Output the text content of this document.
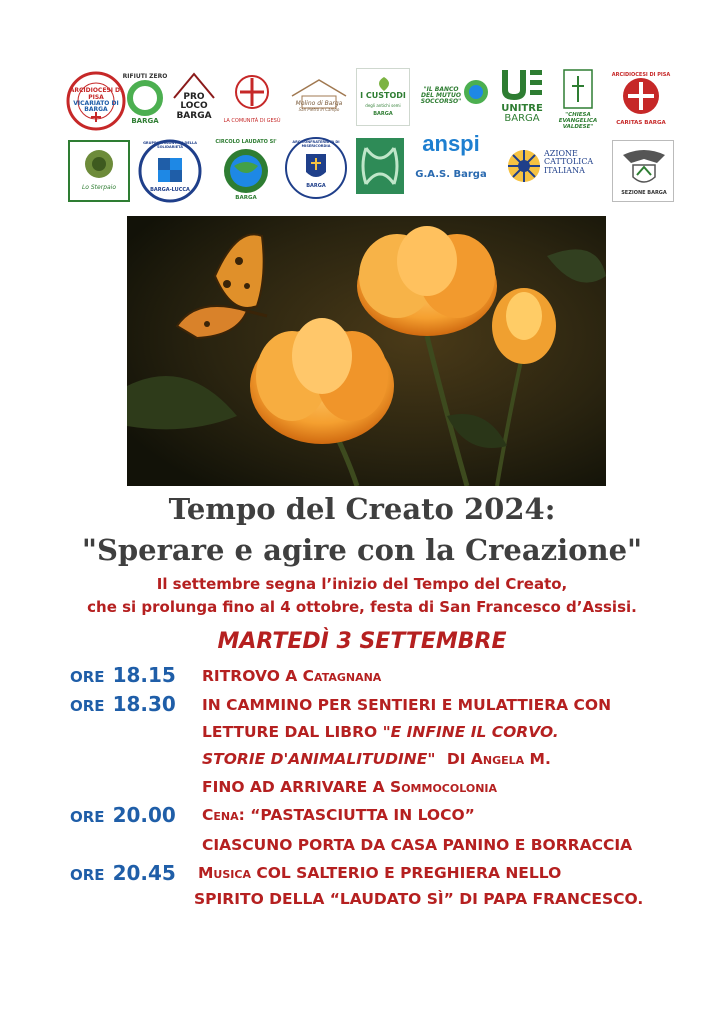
ARCIDIOCESI DI PISA
VICARIATO DI BARGA
RIFIUTI ZERO
BARGA
PRO
LOCO
BARGA
LA COMUNITÀ DI GESÙ
Molino di Barga
San Pietro in Campo
I CUSTODI
degli antichi semi
BARGA
"IL BANCO
DEL MUTUO SOCCORSO"
UNITRE
BARGA	"CHIESA EVANGELICA
VALDESE"
ARCIDIOCESI DI PISA
CARITAS BARGA
Lo Sterpaio
GRUPPO VOLONTARI DELLA SOLIDARIETÀ
BARGA-LUCCA
CIRCOLO LAUDATO SI'
BARGA
ARCICONFRATERNITA DI MISERICORDIA
BARGA
anspi
G.A.S. Barga
AZIONE
CATTOLICA
ITALIANA
SEZIONE BARGA
Tempo del Creato 2024:
"Sperare e agire con la Creazione"
Il settembre segna l’inizio del Tempo del Creato,
che si prolunga fino al 4 ottobre, festa di San Francesco d’Assisi.
MARTEDÌ 3 SETTEMBRE
ORE 18.15 RITROVO A Catagnana
ORE 18.30 IN CAMMINO PER SENTIERI E MULATTIERA CON
LETTURE DAL LIBRO "E INFINE IL CORVO.
STORIE D'ANIMALITUDINE" DI Angela M.
FINO AD ARRIVARE A Sommocolonia
ORE 20.00 Cena: “PASTASCIUTTA IN LOCO”
CIASCUNO PORTA DA CASA PANINO E BORRACCIA
ORE 20.45 Musica COL SALTERIO E PREGHIERA NELLO
SPIRITO DELLA “LAUDATO SÌ” DI PAPA FRANCESCO.
